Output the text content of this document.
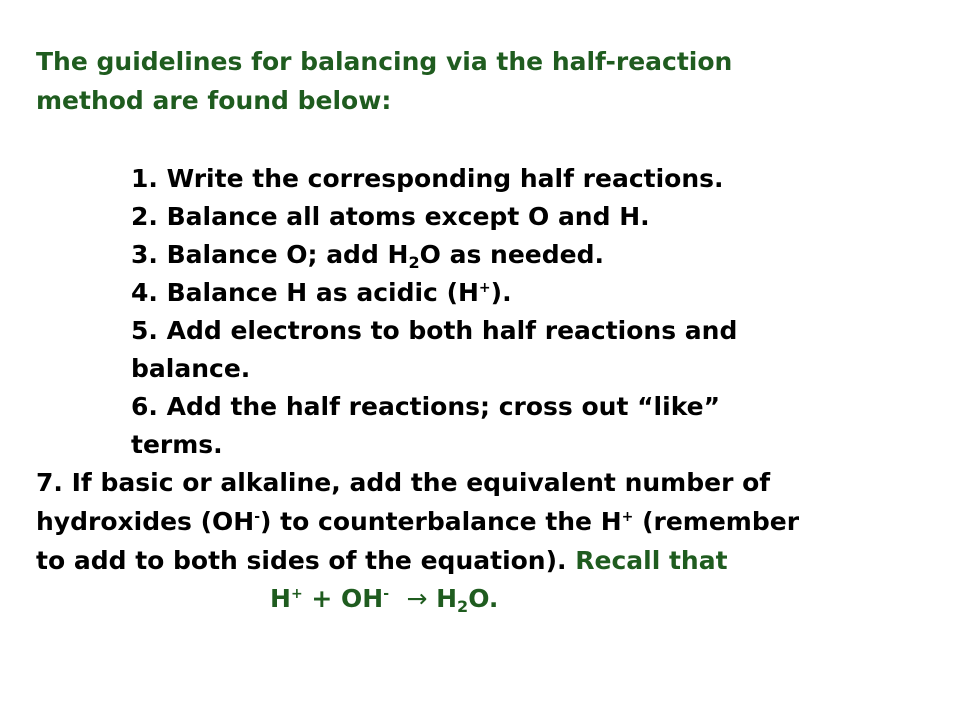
The guidelines for balancing via the half-reaction
method are found below:
1. Write the corresponding half reactions.
2. Balance all atoms except O and H.
3. Balance O; add $H_2O$ as needed.
4. Balance H as acidic (H+).
5. Add electrons to both half reactions and
balance.
6. Add the half reactions; cross out “like”
terms.
7. If basic or alkaline, add the equivalent number of
hydroxides (OH-) to counterbalance the H+ (remember
to add to both sides of the equation). Recall that
$H^+ + OH^- \to H_2O$.
